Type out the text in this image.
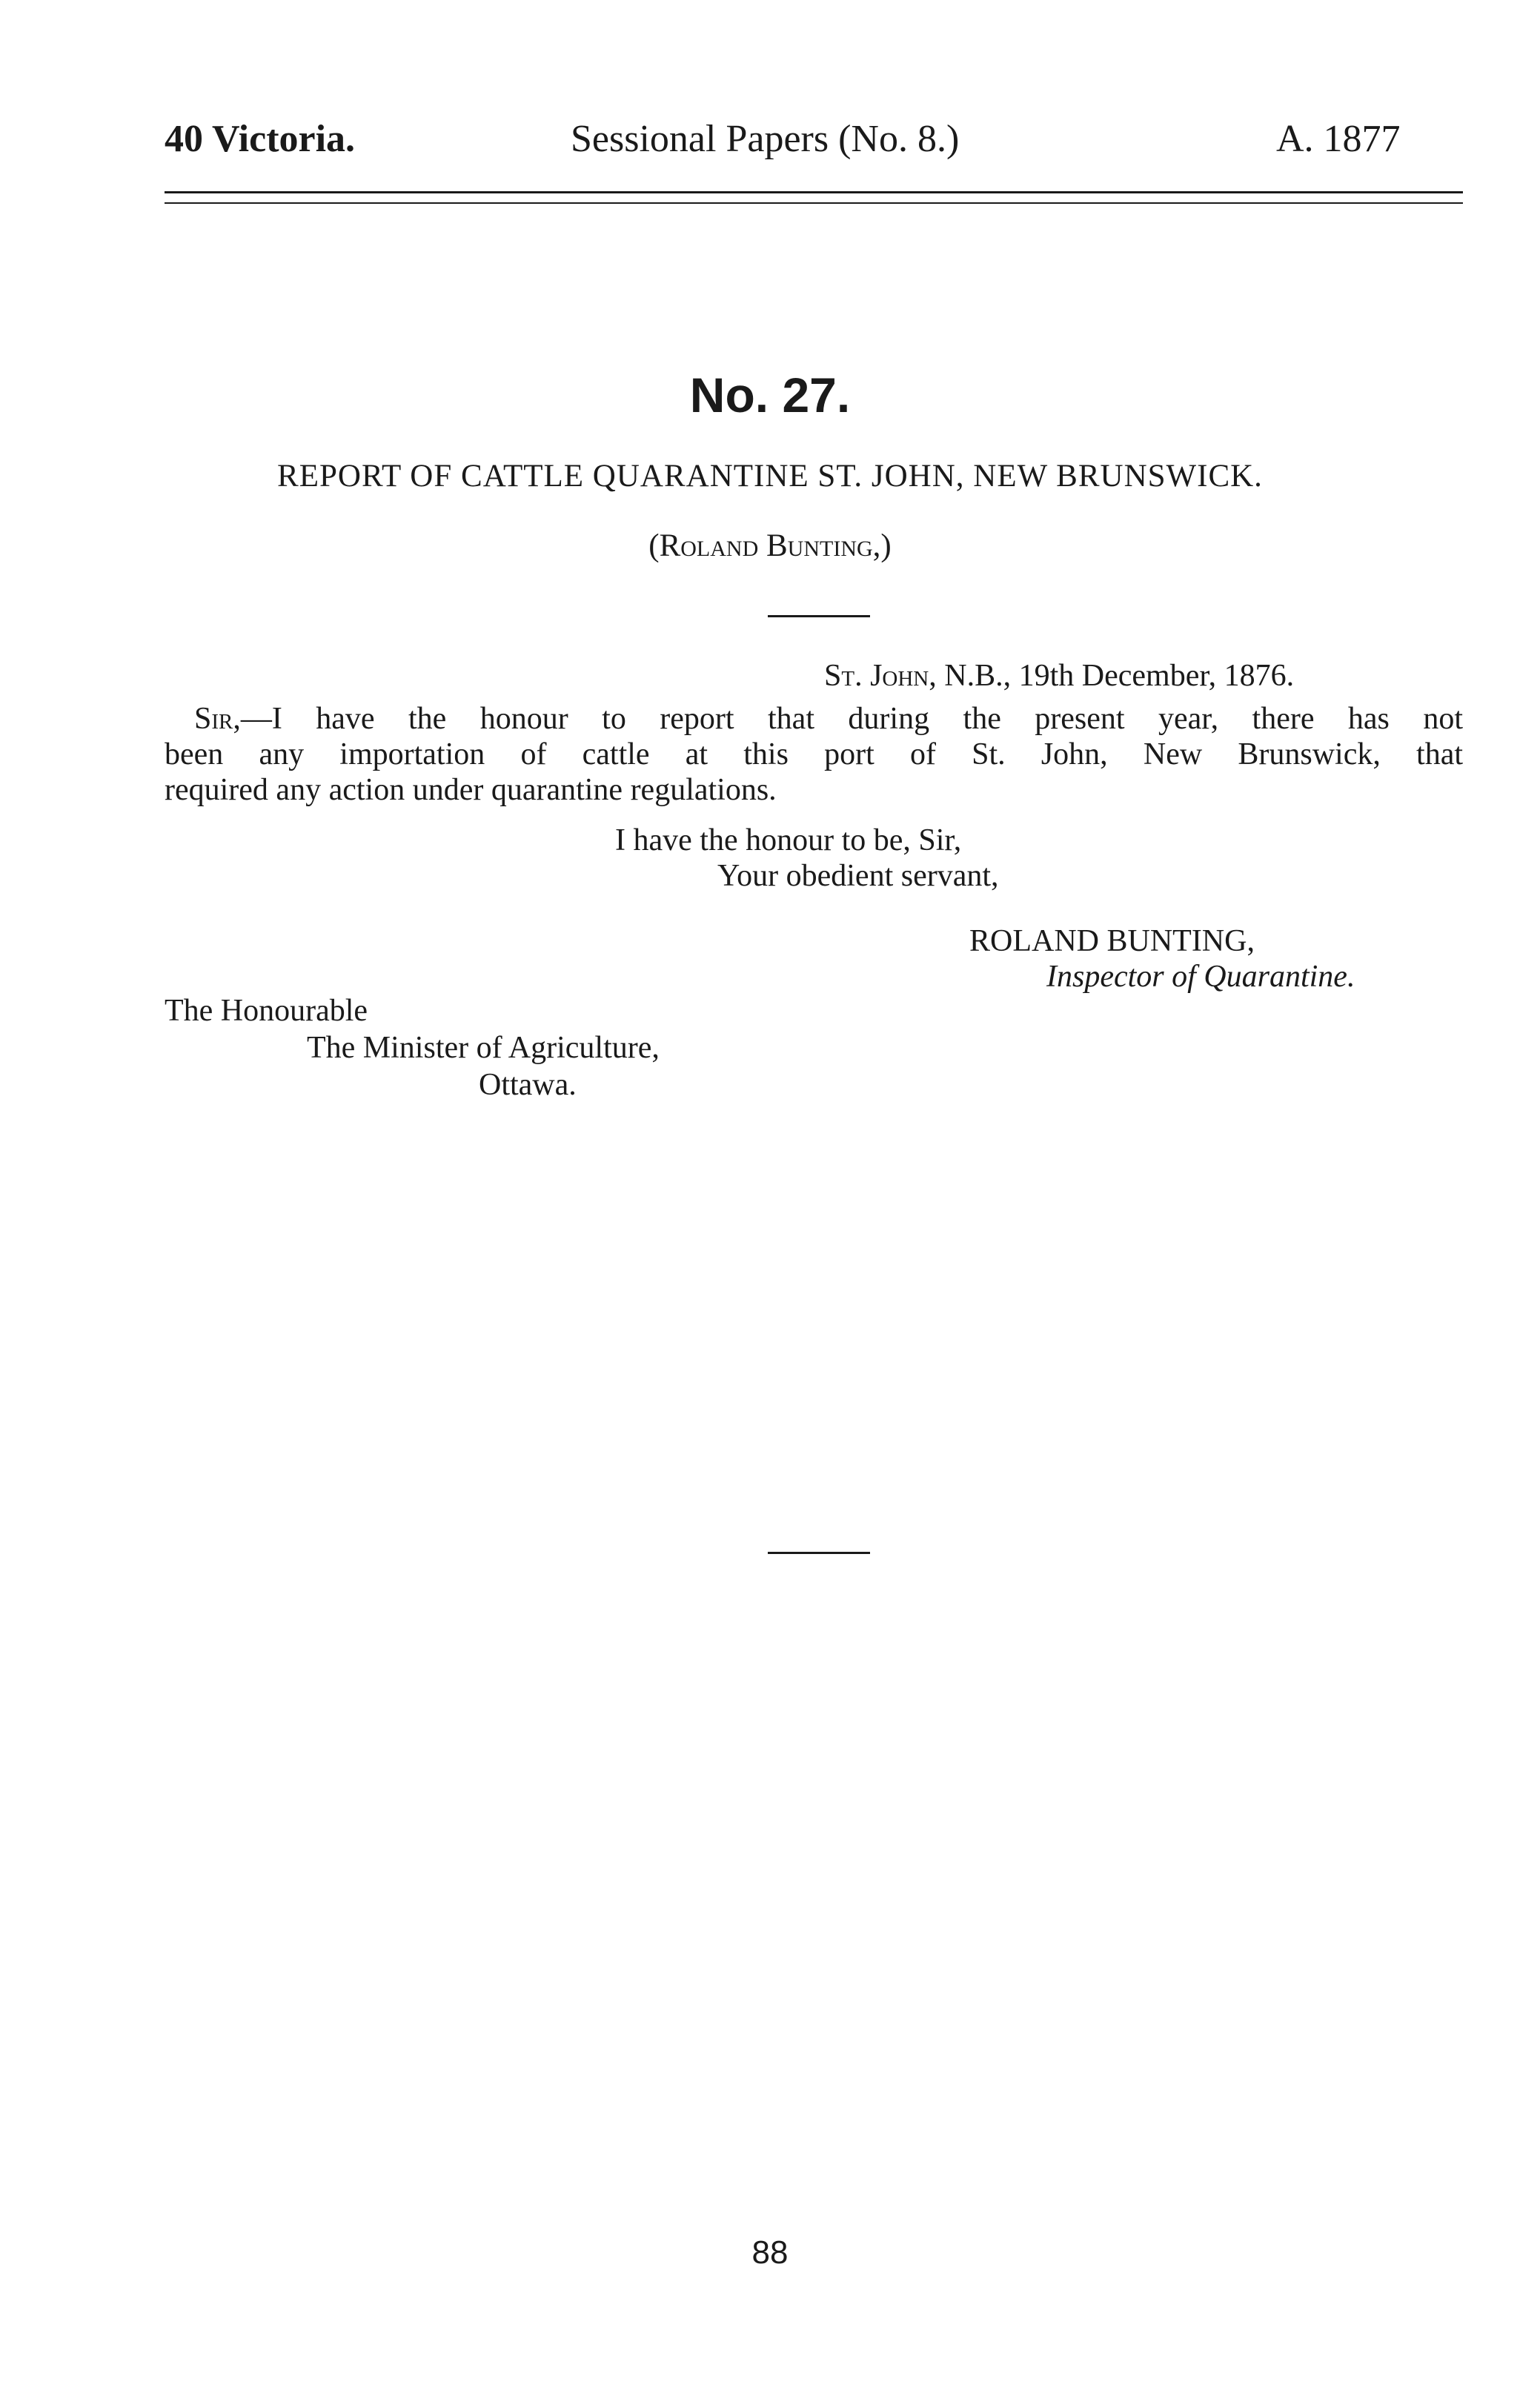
40 Victoria.	Sessional Papers (No. 8.)	A. 1877
No. 27.
REPORT OF CATTLE QUARANTINE ST. JOHN, NEW BRUNSWICK.
(Roland Bunting,)
St. John, N.B., 19th December, 1876.
Sir,—I have the honour to report that during the present year, there has not
been any importation of cattle at this port of St. John, New Brunswick, that
required any action under quarantine regulations.
I have the honour to be, Sir,
Your obedient servant,
ROLAND BUNTING,
Inspector of Quarantine.
The Honourable
The Minister of Agriculture,
Ottawa.
88
